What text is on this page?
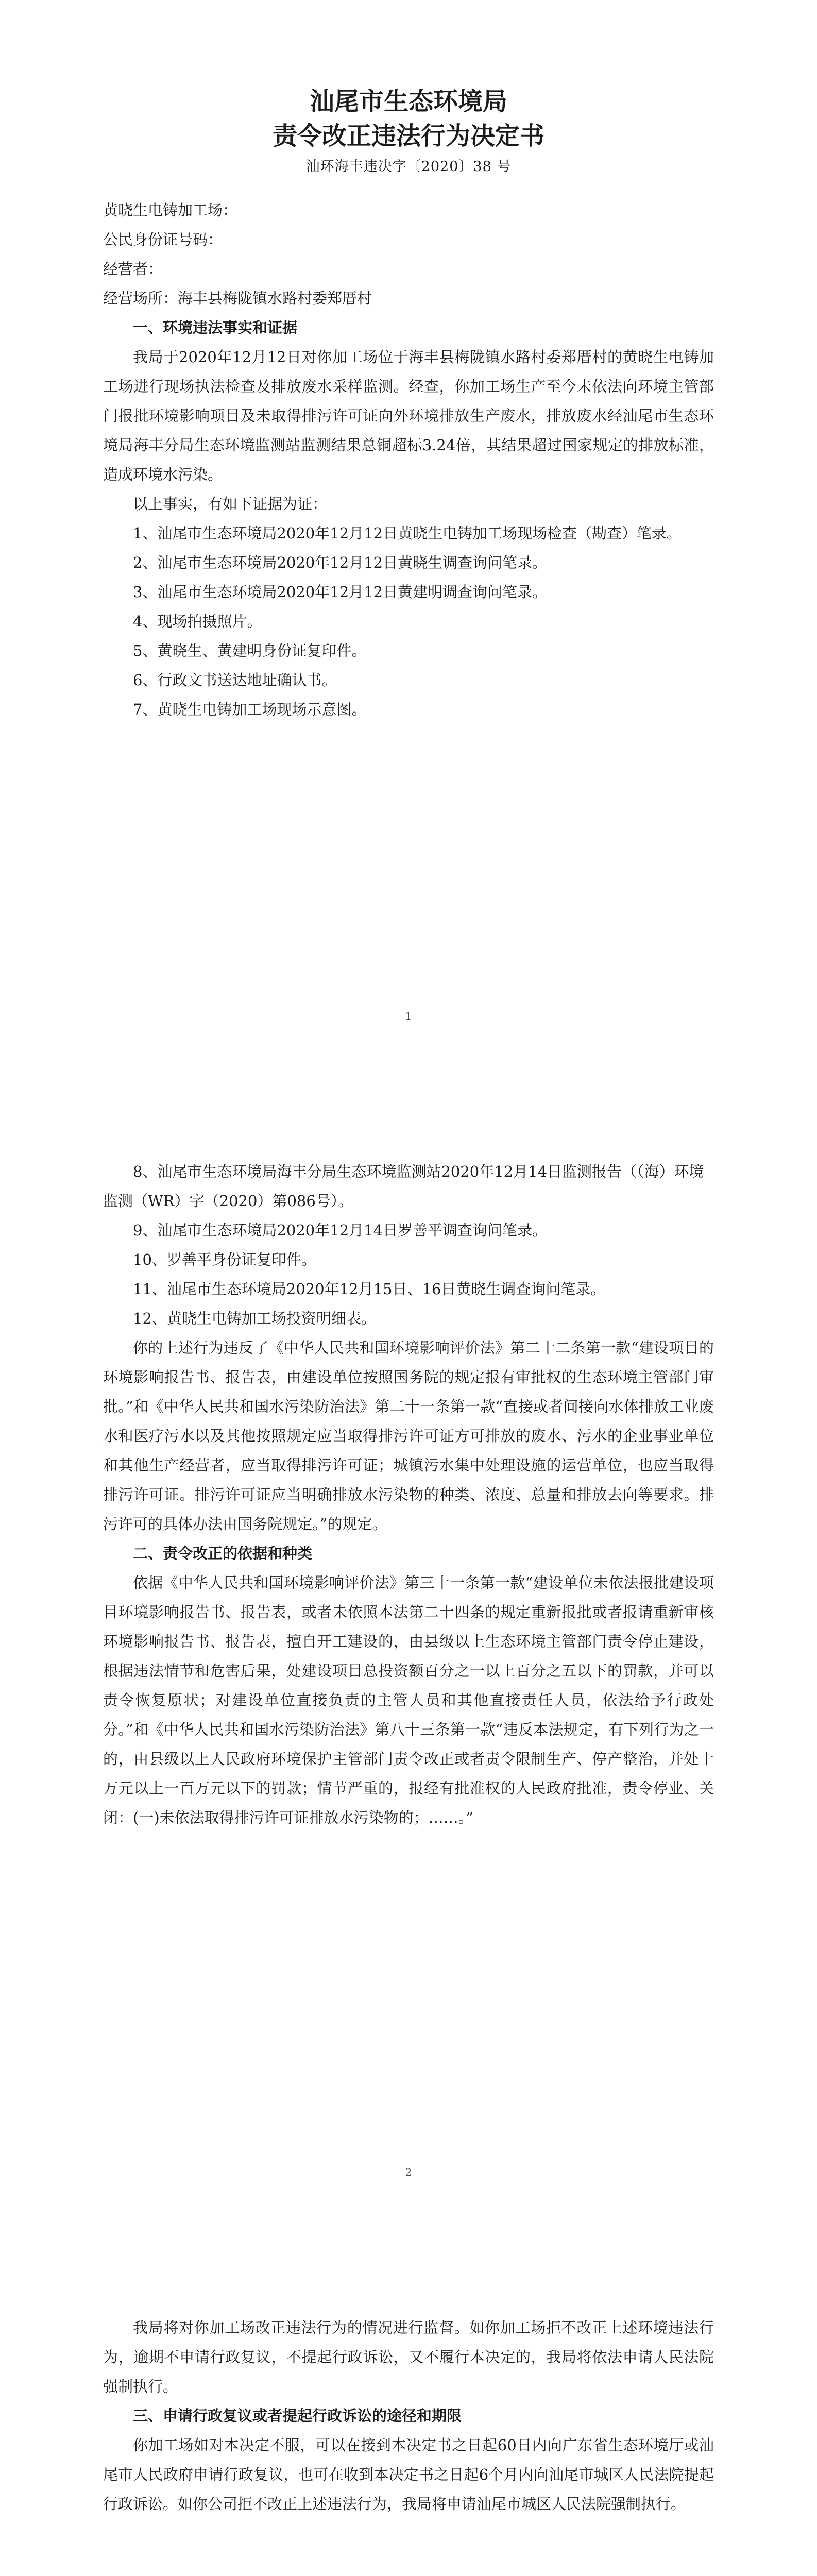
汕尾市生态环境局
责令改正违法行为决定书
汕环海丰违决字〔2020〕38 号
黄晓生电铸加工场：
公民身份证号码：
经营者：
经营场所：海丰县梅陇镇水路村委郑厝村
一、环境违法事实和证据
我局于2020年12月12日对你加工场位于海丰县梅陇镇水路村委郑厝村的黄晓生电铸加工场进行现场执法检查及排放废水采样监测。经查，你加工场生产至今未依法向环境主管部门报批环境影响项目及未取得排污许可证向外环境排放生产废水，排放废水经汕尾市生态环境局海丰分局生态环境监测站监测结果总铜超标3.24倍，其结果超过国家规定的排放标准，造成环境水污染。
以上事实，有如下证据为证：
1、汕尾市生态环境局2020年12月12日黄晓生电铸加工场现场检查（勘查）笔录。
2、汕尾市生态环境局2020年12月12日黄晓生调查询问笔录。
3、汕尾市生态环境局2020年12月12日黄建明调查询问笔录。
4、现场拍摄照片。
5、黄晓生、黄建明身份证复印件。
6、行政文书送达地址确认书。
7、黄晓生电铸加工场现场示意图。
1
8、汕尾市生态环境局海丰分局生态环境监测站2020年12月14日监测报告（（海）环境监测（WR）字（2020）第086号）。
9、汕尾市生态环境局2020年12月14日罗善平调查询问笔录。
10、罗善平身份证复印件。
11、汕尾市生态环境局2020年12月15日、16日黄晓生调查询问笔录。
12、黄晓生电铸加工场投资明细表。
你的上述行为违反了《中华人民共和国环境影响评价法》第二十二条第一款“建设项目的环境影响报告书、报告表，由建设单位按照国务院的规定报有审批权的生态环境主管部门审批。”和《中华人民共和国水污染防治法》第二十一条第一款“直接或者间接向水体排放工业废水和医疗污水以及其他按照规定应当取得排污许可证方可排放的废水、污水的企业事业单位和其他生产经营者，应当取得排污许可证；城镇污水集中处理设施的运营单位，也应当取得排污许可证。排污许可证应当明确排放水污染物的种类、浓度、总量和排放去向等要求。排污许可的具体办法由国务院规定。”的规定。
二、责令改正的依据和种类
依据《中华人民共和国环境影响评价法》第三十一条第一款“建设单位未依法报批建设项目环境影响报告书、报告表，或者未依照本法第二十四条的规定重新报批或者报请重新审核环境影响报告书、报告表，擅自开工建设的，由县级以上生态环境主管部门责令停止建设，根据违法情节和危害后果，处建设项目总投资额百分之一以上百分之五以下的罚款，并可以责令恢复原状；对建设单位直接负责的主管人员和其他直接责任人员，依法给予行政处分。”和《中华人民共和国水污染防治法》第八十三条第一款“违反本法规定，有下列行为之一的，由县级以上人民政府环境保护主管部门责令改正或者责令限制生产、停产整治，并处十万元以上一百万元以下的罚款；情节严重的，报经有批准权的人民政府批准，责令停业、关闭：(一)未依法取得排污许可证排放水污染物的；……。”
2
我局将对你加工场改正违法行为的情况进行监督。如你加工场拒不改正上述环境违法行为，逾期不申请行政复议，不提起行政诉讼，又不履行本决定的，我局将依法申请人民法院强制执行。
三、申请行政复议或者提起行政诉讼的途径和期限
你加工场如对本决定不服，可以在接到本决定书之日起60日内向广东省生态环境厅或汕尾市人民政府申请行政复议，也可在收到本决定书之日起6个月内向汕尾市城区人民法院提起行政诉讼。如你公司拒不改正上述违法行为，我局将申请汕尾市城区人民法院强制执行。
